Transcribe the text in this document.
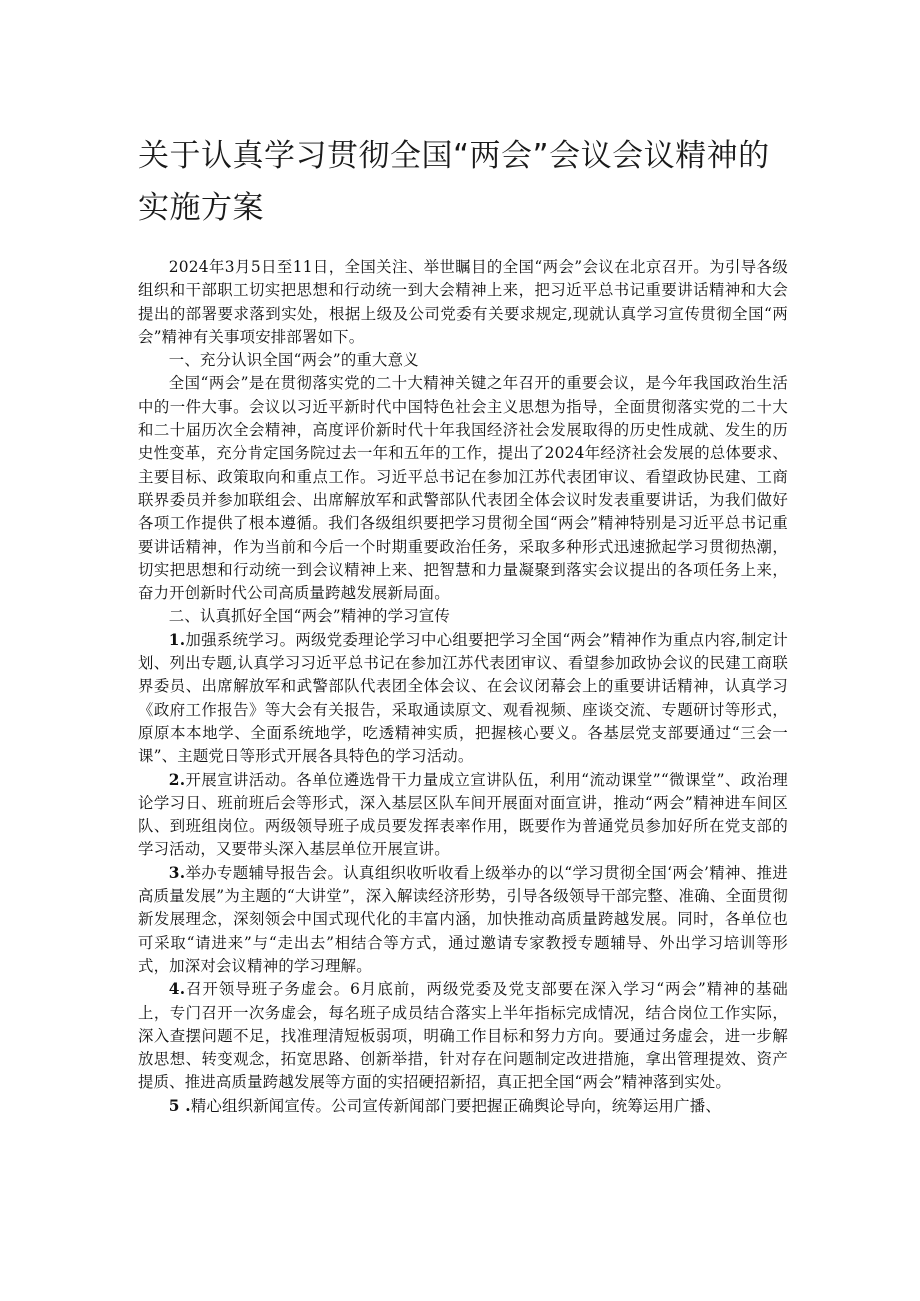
关于认真学习贯彻全国“两会”会议会议精神的实施方案

2024年3月5日至11日，全国关注、举世瞩目的全国“两会”会议在北京召开。为引导各级组织和干部职工切实把思想和行动统一到大会精神上来，把习近平总书记重要讲话精神和大会提出的部署要求落到实处，根据上级及公司党委有关要求规定,现就认真学习宣传贯彻全国“两会”精神有关事项安排部署如下。

一、充分认识全国“两会”的重大意义

全国“两会”是在贯彻落实党的二十大精神关键之年召开的重要会议，是今年我国政治生活中的一件大事。会议以习近平新时代中国特色社会主义思想为指导，全面贯彻落实党的二十大和二十届历次全会精神，高度评价新时代十年我国经济社会发展取得的历史性成就、发生的历史性变革，充分肯定国务院过去一年和五年的工作，提出了2024年经济社会发展的总体要求、主要目标、政策取向和重点工作。习近平总书记在参加江苏代表团审议、看望政协民建、工商联界委员并参加联组会、出席解放军和武警部队代表团全体会议时发表重要讲话，为我们做好各项工作提供了根本遵循。我们各级组织要把学习贯彻全国“两会”精神特别是习近平总书记重要讲话精神，作为当前和今后一个时期重要政治任务，采取多种形式迅速掀起学习贯彻热潮，切实把思想和行动统一到会议精神上来、把智慧和力量凝聚到落实会议提出的各项任务上来，奋力开创新时代公司高质量跨越发展新局面。

二、认真抓好全国“两会”精神的学习宣传

1.加强系统学习。两级党委理论学习中心组要把学习全国“两会”精神作为重点内容,制定计划、列出专题,认真学习习近平总书记在参加江苏代表团审议、看望参加政协会议的民建工商联界委员、出席解放军和武警部队代表团全体会议、在会议闭幕会上的重要讲话精神，认真学习《政府工作报告》等大会有关报告，采取通读原文、观看视频、座谈交流、专题研讨等形式，原原本本地学、全面系统地学，吃透精神实质，把握核心要义。各基层党支部要通过“三会一课”、主题党日等形式开展各具特色的学习活动。

2.开展宣讲活动。各单位遴选骨干力量成立宣讲队伍，利用“流动课堂”“微课堂”、政治理论学习日、班前班后会等形式，深入基层区队车间开展面对面宣讲，推动“两会”精神进车间区队、到班组岗位。两级领导班子成员要发挥表率作用，既要作为普通党员参加好所在党支部的学习活动，又要带头深入基层单位开展宣讲。

3.举办专题辅导报告会。认真组织收听收看上级举办的以“学习贯彻全国‘两会’精神、推进高质量发展”为主题的“大讲堂”，深入解读经济形势，引导各级领导干部完整、准确、全面贯彻新发展理念，深刻领会中国式现代化的丰富内涵，加快推动高质量跨越发展。同时，各单位也可采取“请进来”与“走出去”相结合等方式，通过邀请专家教授专题辅导、外出学习培训等形式，加深对会议精神的学习理解。

4.召开领导班子务虚会。6月底前，两级党委及党支部要在深入学习“两会”精神的基础上，专门召开一次务虚会，每名班子成员结合落实上半年指标完成情况，结合岗位工作实际，深入查摆问题不足，找准理清短板弱项，明确工作目标和努力方向。要通过务虚会，进一步解放思想、转变观念，拓宽思路、创新举措，针对存在问题制定改进措施，拿出管理提效、资产提质、推进高质量跨越发展等方面的实招硬招新招，真正把全国“两会”精神落到实处。

5 .精心组织新闻宣传。公司宣传新闻部门要把握正确舆论导向，统筹运用广播、
